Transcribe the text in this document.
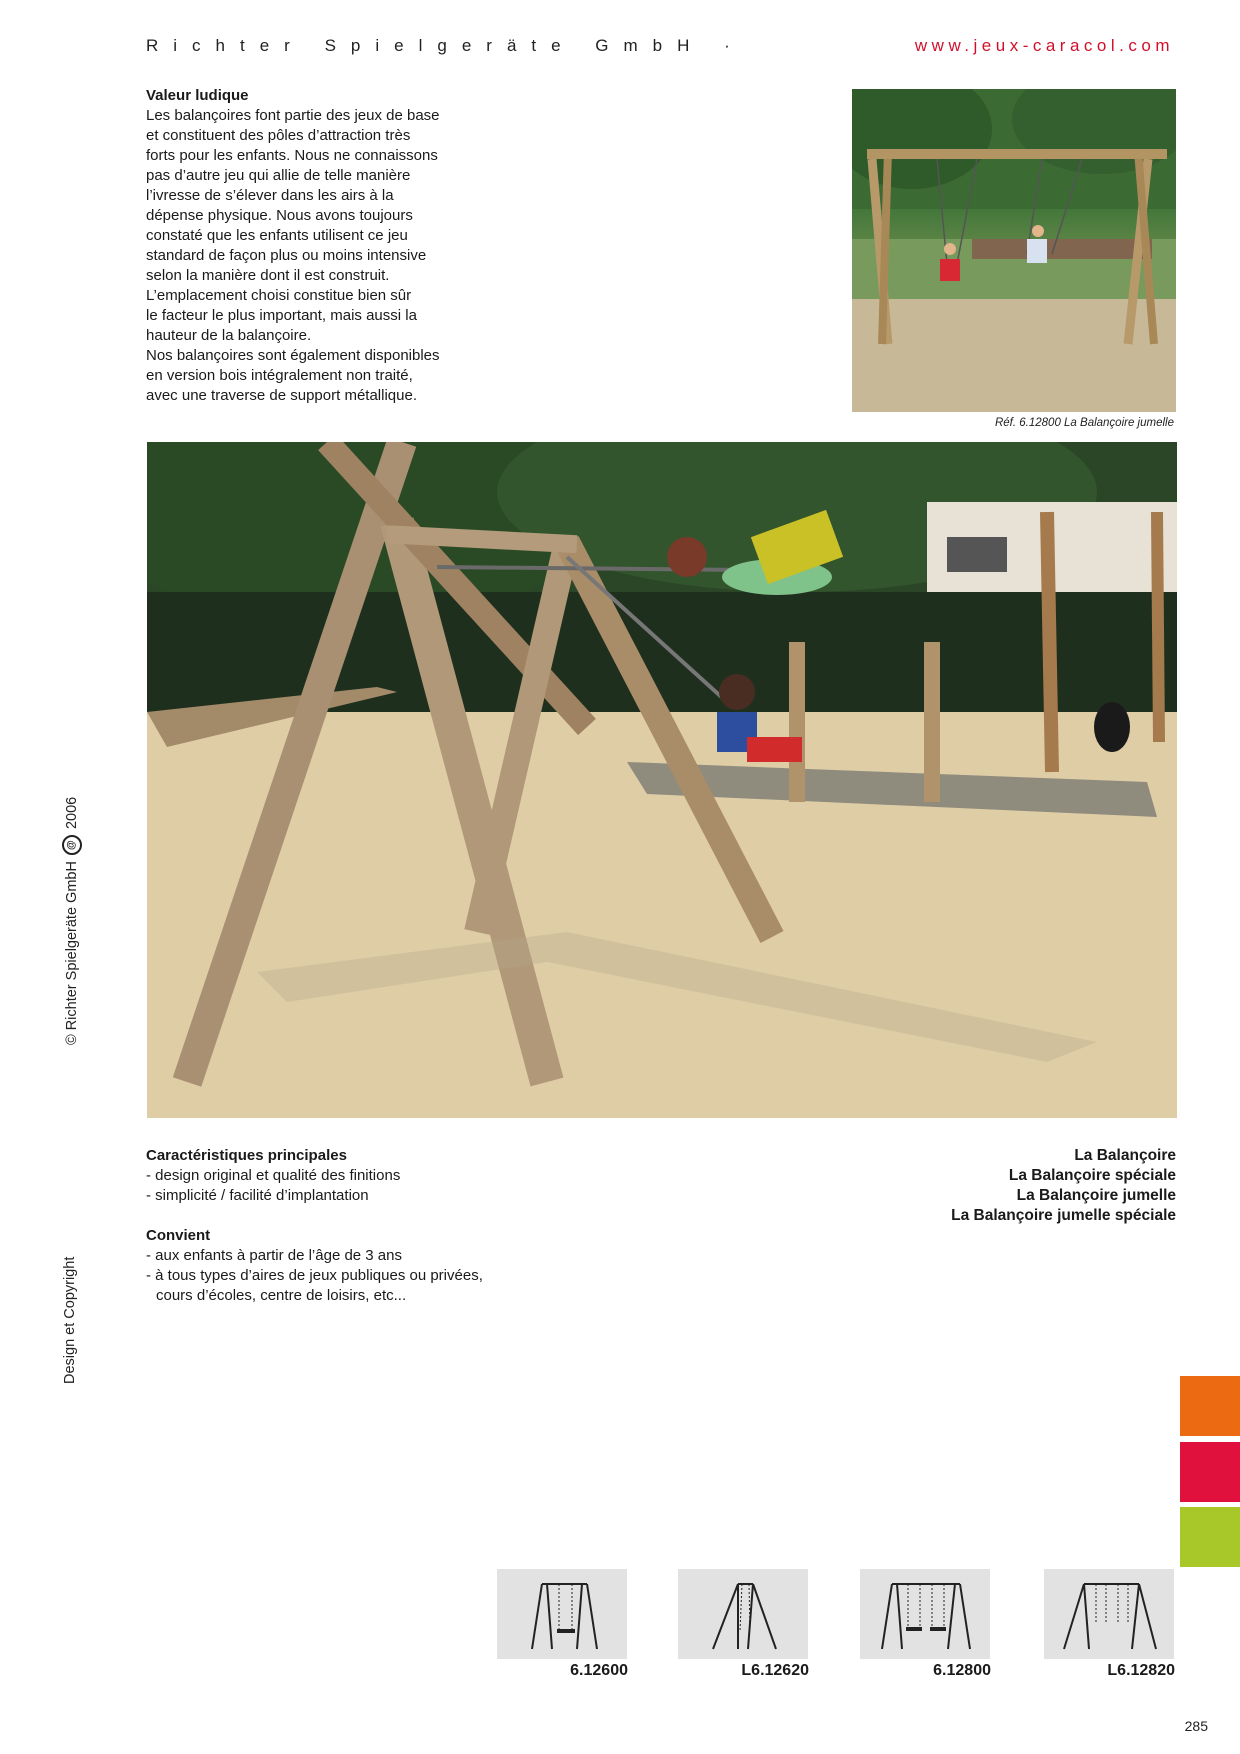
Richter Spielgeräte GmbH ·	www.jeux-caracol.com
Valeur ludique

Les balançoires font partie des jeux de base
et constituent des pôles d’attraction très
forts pour les enfants. Nous ne connaissons
pas d’autre jeu qui allie de telle manière
l’ivresse de s’élever dans les airs à la
dépense physique. Nous avons toujours
constaté que les enfants utilisent ce jeu
standard de façon plus ou moins intensive
selon la manière dont il est construit.
L’emplacement choisi constitue bien sûr
le facteur le plus important, mais aussi la
hauteur de la balançoire.
Nos balançoires sont également disponibles
en version bois intégralement non traité,
avec une traverse de support métallique.

Réf. 6.12800 La Balançoire jumelle
© Richter Spielgeräte GmbH@2006
Design et Copyright
Caractéristiques principales
- design original et qualité des finitions
- simplicité / facilité d’implantation
Convient
- aux enfants à partir de l’âge de 3 ans
- à tous types d’aires de jeux publiques ou privées, cours d’écoles, centre de loisirs, etc...
La Balançoire
La Balançoire spéciale
La Balançoire jumelle
La Balançoire jumelle spéciale
6.12600	L6.12620	6.12800	L6.12820
285
